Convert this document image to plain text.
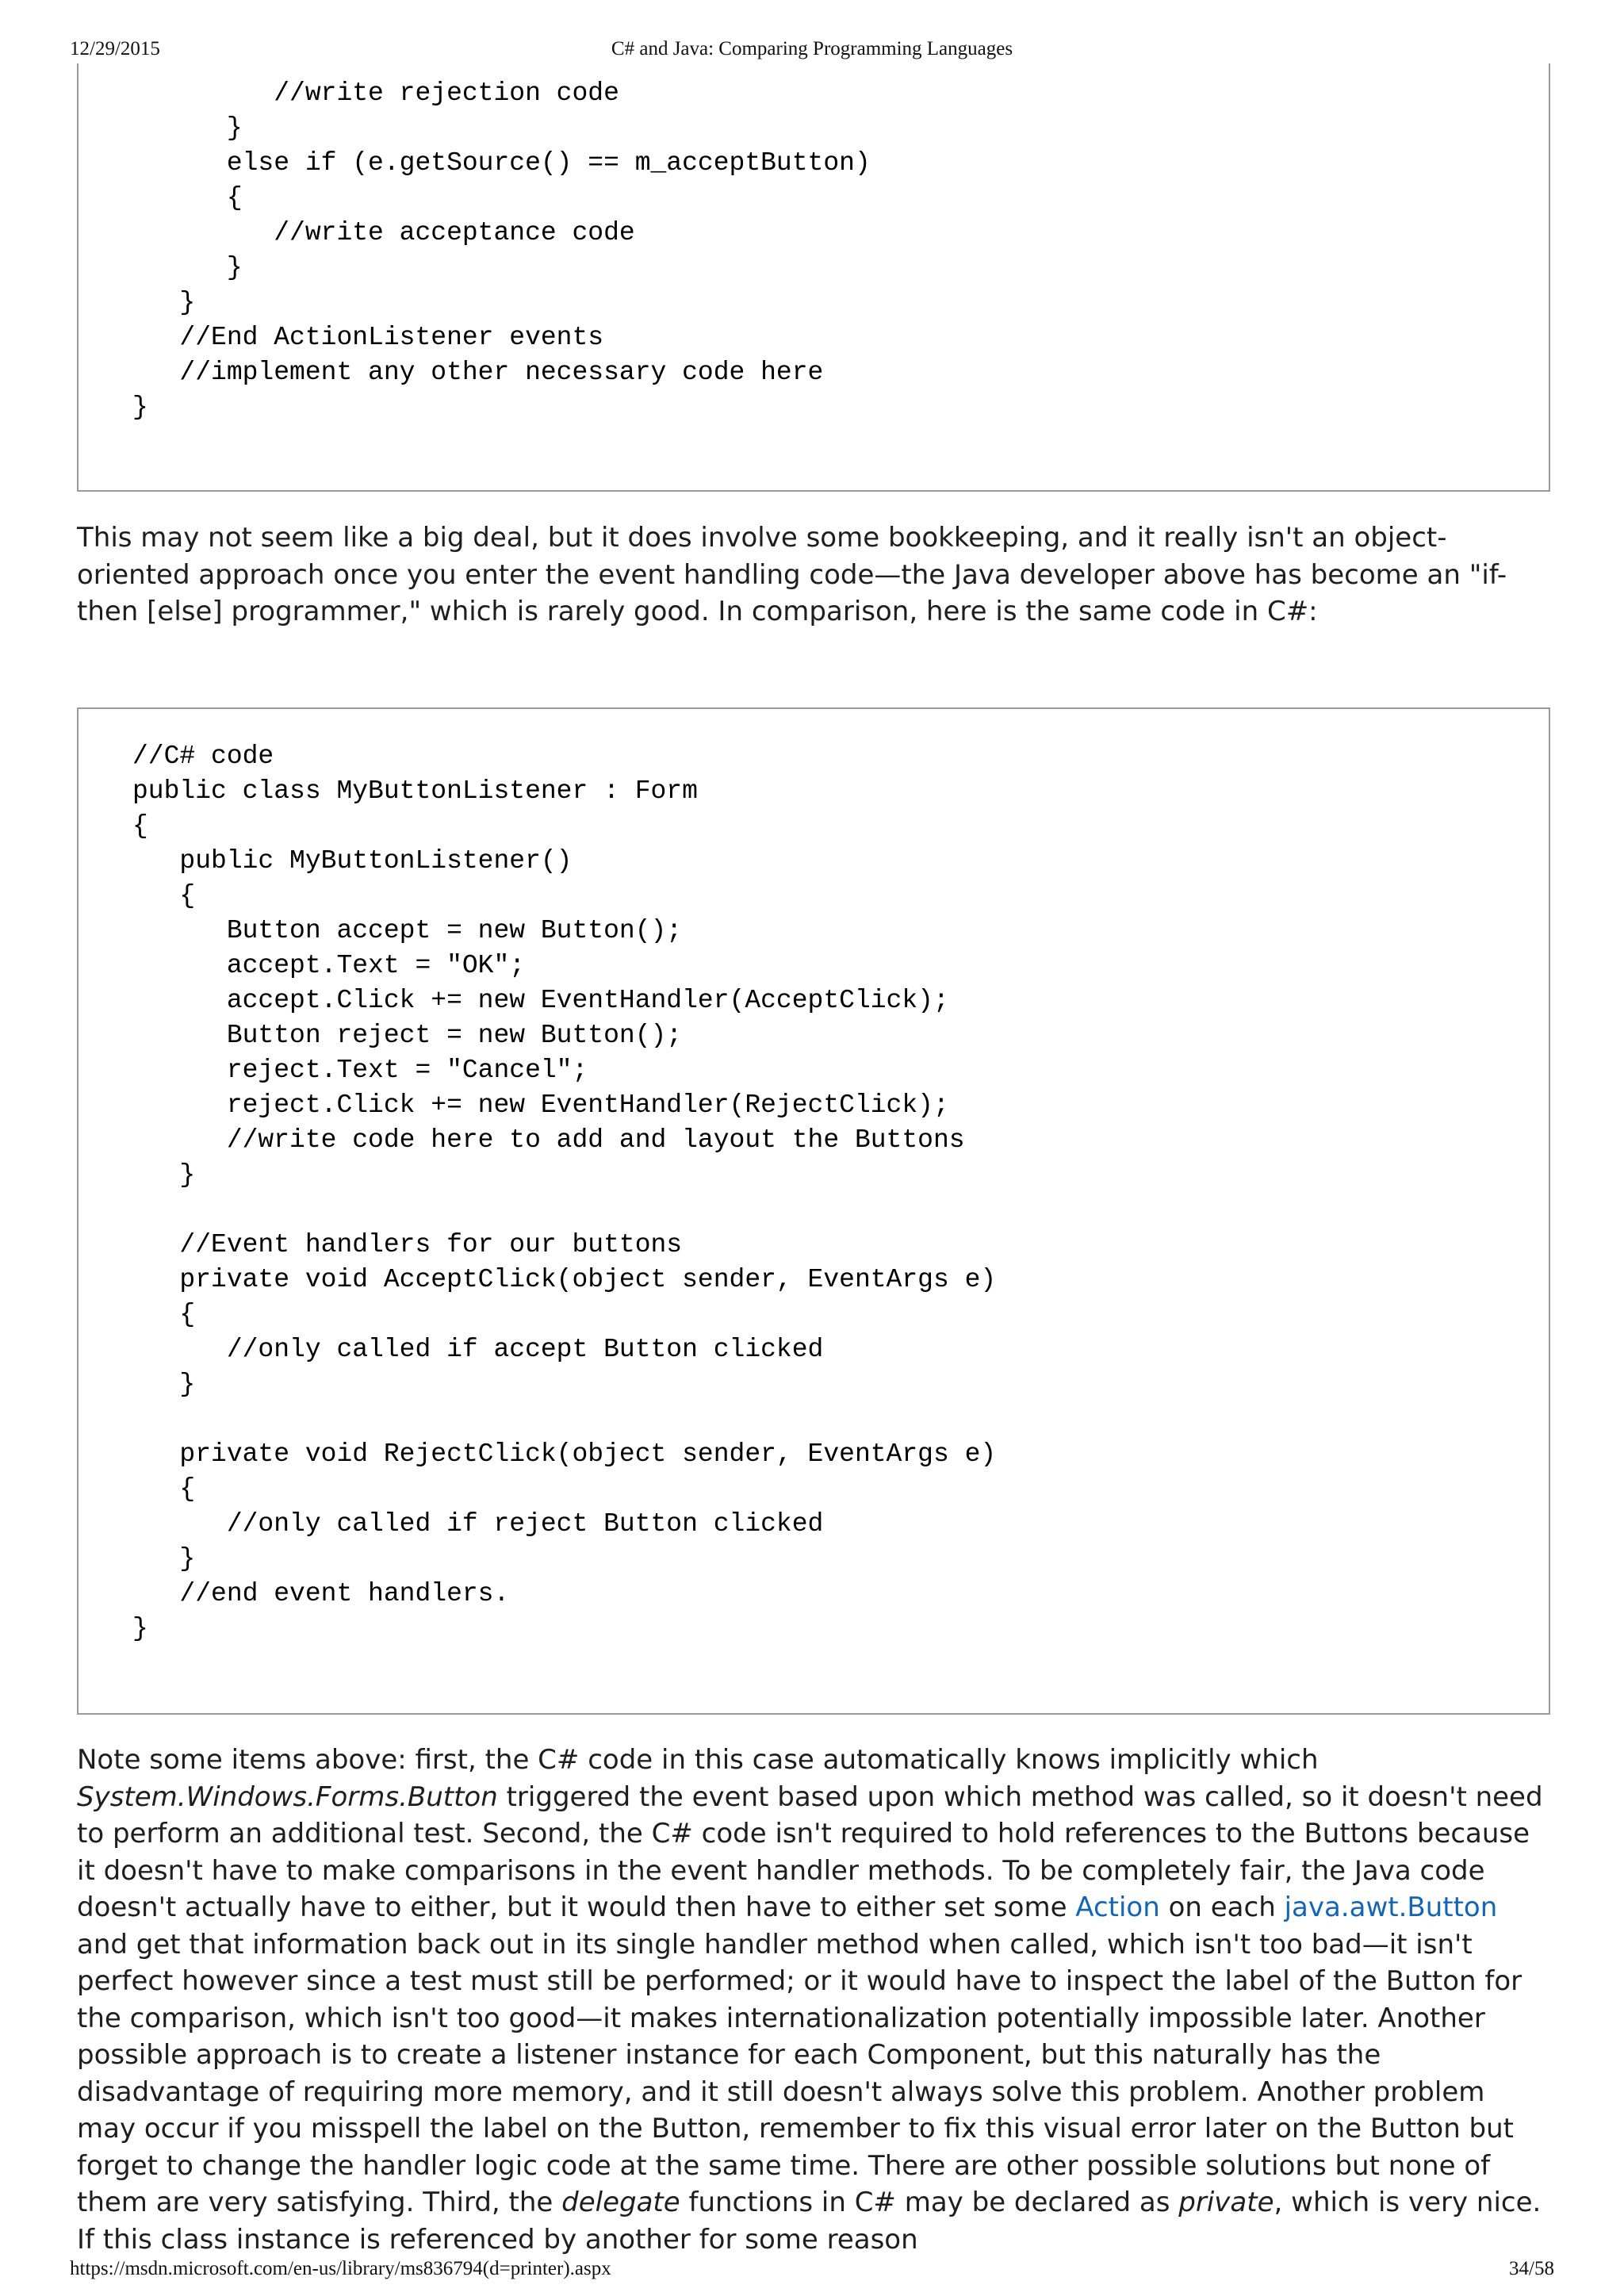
12/29/2015	C# and Java: Comparing Programming Languages
//write rejection code
}
else if (e.getSource() == m_acceptButton)
{
//write acceptance code
}
}
//End ActionListener events
//implement any other necessary code here
}

This may not seem like a big deal, but it does involve some bookkeeping, and it really isn't an object-oriented approach once you enter the event handling code—the Java developer above has become an "if-then [else] programmer," which is rarely good. In comparison, here is the same code in C#:

//C# code
public class MyButtonListener : Form
{
public MyButtonListener()
{
Button accept = new Button();
accept.Text = "OK";
accept.Click += new EventHandler(AcceptClick);
Button reject = new Button();
reject.Text = "Cancel";
reject.Click += new EventHandler(RejectClick);
//write code here to add and layout the Buttons
}

//Event handlers for our buttons
private void AcceptClick(object sender, EventArgs e)
{
//only called if accept Button clicked
}

private void RejectClick(object sender, EventArgs e)
{
//only called if reject Button clicked
}
//end event handlers.
}

Note some items above: first, the C# code in this case automatically knows implicitly which System.Windows.Forms.Button triggered the event based upon which method was called, so it doesn't need to perform an additional test. Second, the C# code isn't required to hold references to the Buttons because it doesn't have to make comparisons in the event handler methods. To be completely fair, the Java code doesn't actually have to either, but it would then have to either set some Action on each java.awt.Button and get that information back out in its single handler method when called, which isn't too bad—it isn't perfect however since a test must still be performed; or it would have to inspect the label of the Button for the comparison, which isn't too good—it makes internationalization potentially impossible later. Another possible approach is to create a listener instance for each Component, but this naturally has the disadvantage of requiring more memory, and it still doesn't always solve this problem. Another problem may occur if you misspell the label on the Button, remember to fix this visual error later on the Button but forget to change the handler logic code at the same time. There are other possible solutions but none of them are very satisfying. Third, the delegate functions in C# may be declared as private, which is very nice. If this class instance is referenced by another for some reason

https://msdn.microsoft.com/en-us/library/ms836794(d=printer).aspx	34/58
